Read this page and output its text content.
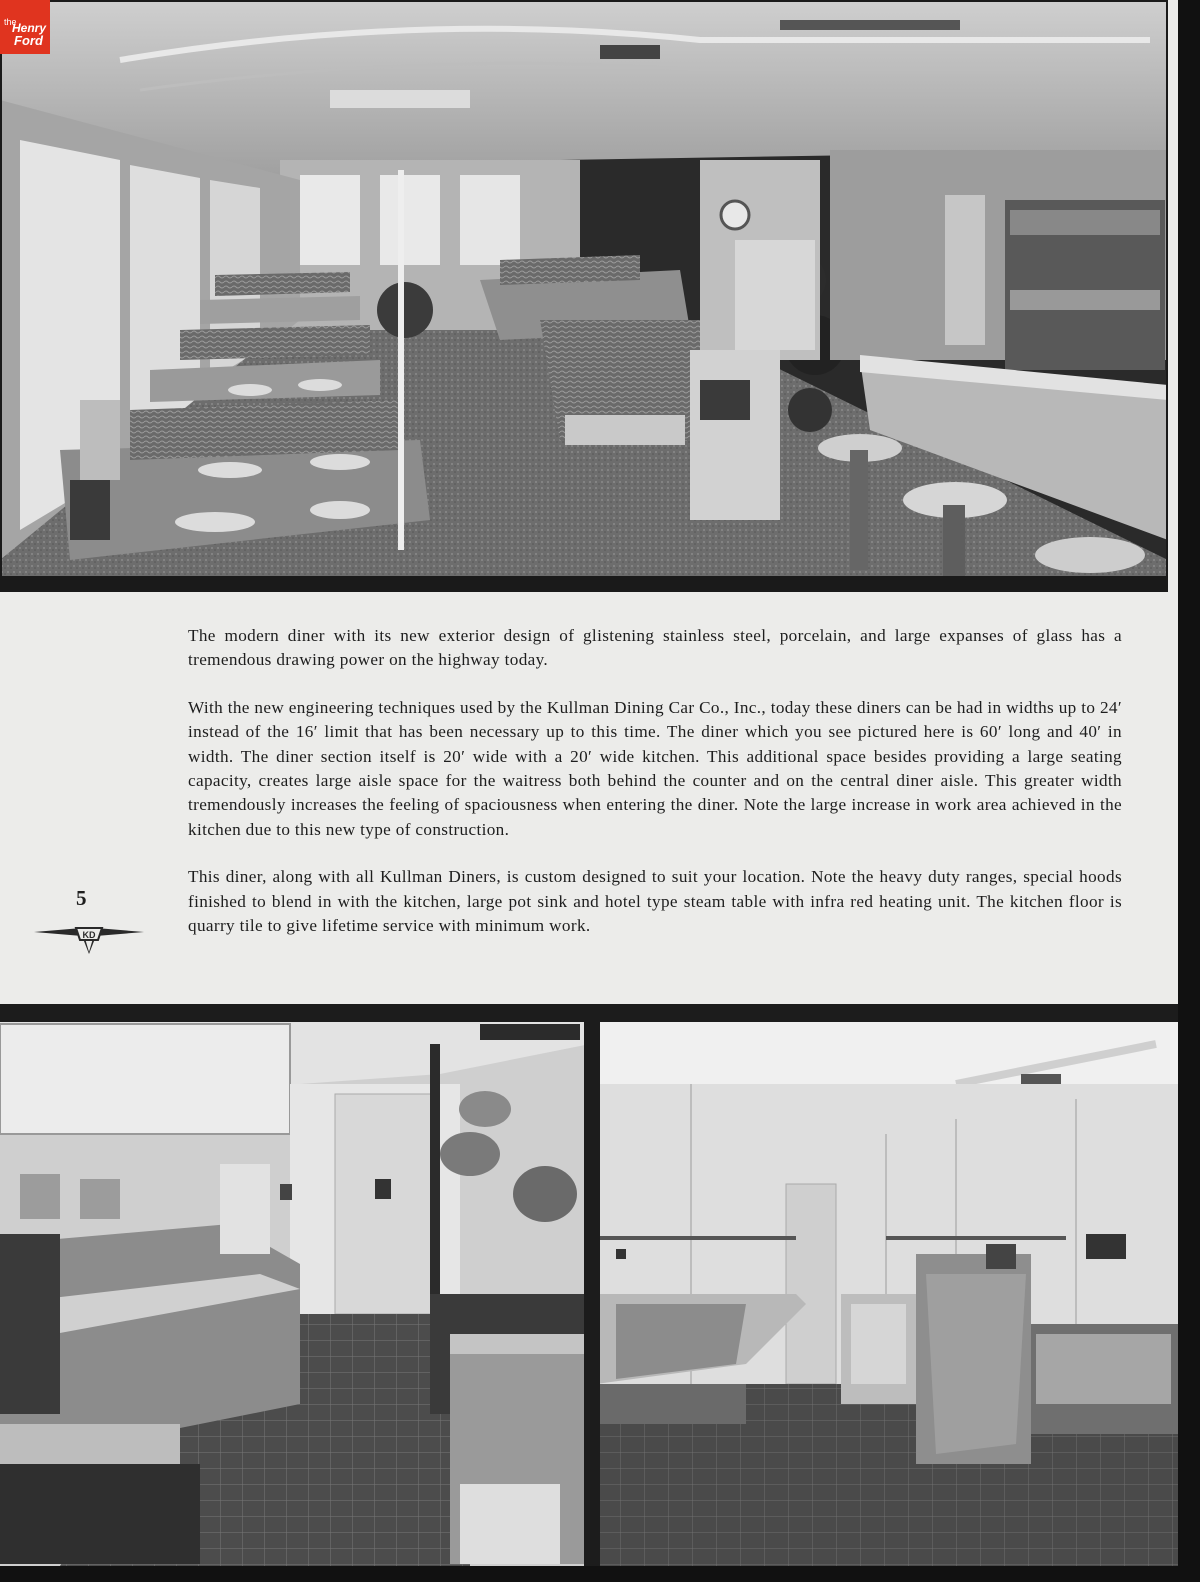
the
Henry
Ford

The modern diner with its new exterior design of glistening stainless steel, porcelain, and large expanses of glass has a tremendous drawing power on the highway today.

With the new engineering techniques used by the Kullman Dining Car Co., Inc., today these diners can be had in widths up to 24′ instead of the 16′ limit that has been necessary up to this time. The diner which you see pictured here is 60′ long and 40′ in width. The diner section itself is 20′ wide with a 20′ wide kitchen. This additional space besides providing a large seating capacity, creates large aisle space for the waitress both behind the counter and on the central diner aisle. This greater width tremendously increases the feeling of spaciousness when entering the diner. Note the large increase in work area achieved in the kitchen due to this new type of construction.

This diner, along with all Kullman Diners, is custom designed to suit your location. Note the heavy duty ranges, special hoods finished to blend in with the kitchen, large pot sink and hotel type steam table with infra red heating unit. The kitchen floor is quarry tile to give lifetime service with minimum work.

5
KD
